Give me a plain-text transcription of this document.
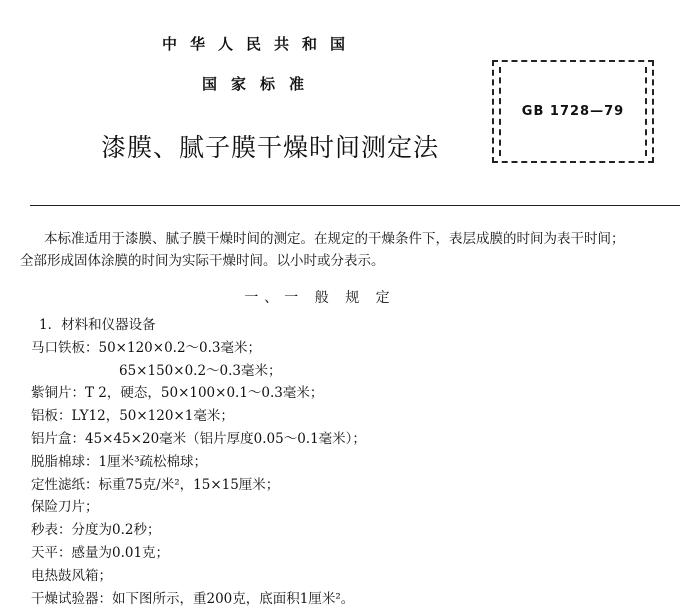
中华人民共和国
国家标准
漆膜、腻子膜干燥时间测定法
GB 1728—79

本标准适用于漆膜、腻子膜干燥时间的测定。在规定的干燥条件下，表层成膜的时间为表干时间；

全部形成固体涂膜的时间为实际干燥时间。以小时或分表示。

一、一 般 规 定
1．材料和仪器设备
马口铁板：50×120×0.2～0.3毫米；
65×150×0.2～0.3毫米；
紫铜片：T 2，硬态，50×100×0.1～0.3毫米；
铝板：LY12，50×120×1毫米；
铝片盒：45×45×20毫米（铝片厚度0.05～0.1毫米）；
脱脂棉球：1厘米³疏松棉球；
定性滤纸：标重75克/米²，15×15厘米；
保险刀片；
秒表：分度为0.2秒；
天平：感量为0.01克；
电热鼓风箱；
干燥试验器：如下图所示，重200克，底面积1厘米²。
